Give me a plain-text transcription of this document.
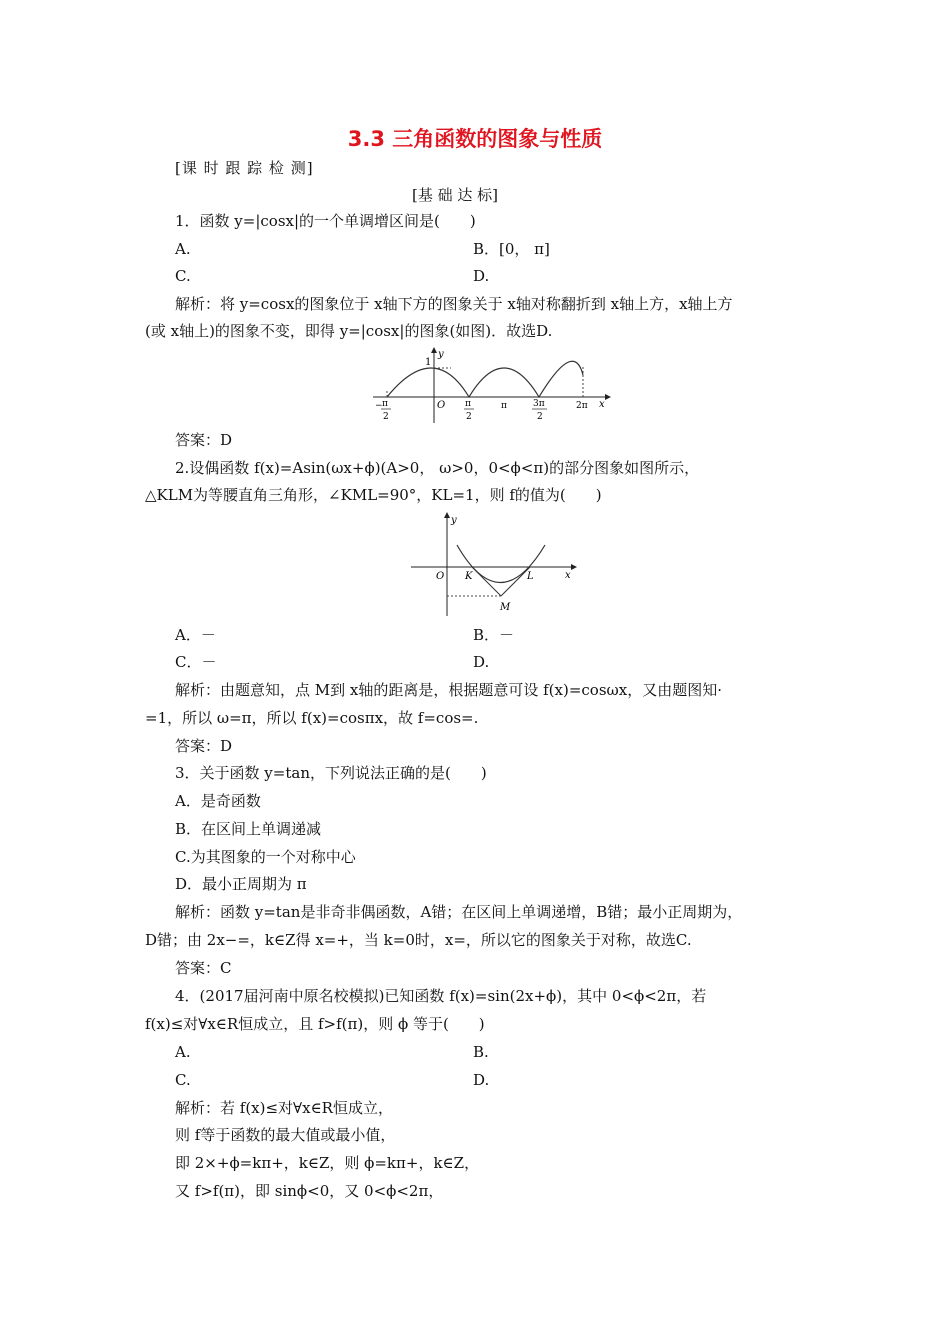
3.3 三角函数的图象与性质
[课 时 跟 踪 检 测]
[基 础 达 标]
1．函数 y=|cosx|的一个单调增区间是(　　)
A.	B．[0， π]
C.	D.
解析：将 y=cosx的图象位于 x轴下方的图象关于 x轴对称翻折到 x轴上方，x轴上方
(或 x轴上)的图象不变，即得 y=|cosx|的图象(如图)．故选D.
1
y
x
O
− π
2
π
2
π	3π
2
2π
答案：D
2.设偶函数 f(x)=Asin(ωx+ϕ)(A>0， ω>0，0<ϕ<π)的部分图象如图所示，
△KLM为等腰直角三角形，∠KML=90°，KL=1，则 f的值为(　　)
y
x
O K	L
M
A．－	B．－
C．－	D.
解析：由题意知，点 M到 x轴的距离是，根据题意可设 f(x)=cosωx，又由题图知·
=1，所以 ω=π，所以 f(x)=cosπx，故 f=cos=.
答案：D
3．关于函数 y=tan，下列说法正确的是(　　)
A．是奇函数
B．在区间上单调递减
C.为其图象的一个对称中心
D．最小正周期为 π
解析：函数 y=tan是非奇非偶函数，A错；在区间上单调递增，B错；最小正周期为，
D错；由 2x−=，k∈Z得 x=+，当 k=0时，x=，所以它的图象关于对称，故选C.
答案：C
4．(2017届河南中原名校模拟)已知函数 f(x)=sin(2x+ϕ)，其中 0<ϕ<2π，若
f(x)≤对∀x∈R恒成立，且 f>f(π)，则 ϕ 等于(　　)
A.	B.
C.	D.
解析：若 f(x)≤对∀x∈R恒成立，
则 f等于函数的最大值或最小值，
即 2×+ϕ=kπ+，k∈Z，则 ϕ=kπ+，k∈Z，
又 f>f(π)，即 sinϕ<0，又 0<ϕ<2π，
